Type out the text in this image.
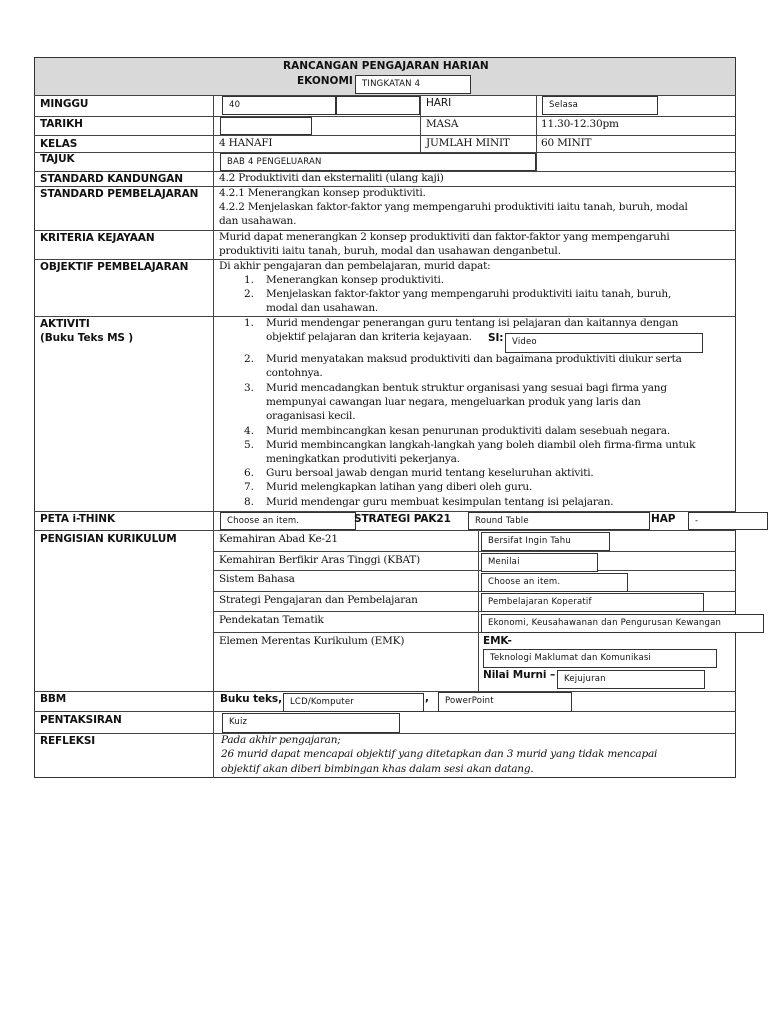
RANCANGAN PENGAJARAN HARIAN
EKONOMI	TINGKATAN 4
MINGGU	40	HARI	Selasa
TARIKH	MASA	11.30-12.30pm
KELAS	4 HANAFI	JUMLAH MINIT	60 MINIT
TAJUK	BAB 4 PENGELUARAN
STANDARD KANDUNGAN	4.2 Produktiviti dan eksternaliti (ulang kaji)
STANDARD PEMBELAJARAN 4.2.1 Menerangkan konsep produktiviti.
4.2.2 Menjelaskan faktor-faktor yang mempengaruhi produktiviti iaitu tanah, buruh, modal
dan usahawan.
KRITERIA KEJAYAAN	Murid dapat menerangkan 2 konsep produktiviti dan faktor-faktor yang mempengaruhi
produktiviti iaitu tanah, buruh, modal dan usahawan denganbetul.
OBJEKTIF PEMBELAJARAN	Di akhir pengajaran dan pembelajaran, murid dapat:
1. Menerangkan konsep produktiviti.
2. Menjelaskan faktor-faktor yang mempengaruhi produktiviti iaitu tanah, buruh,
modal dan usahawan.
AKTIVITI
(Buku Teks MS )
1. Murid mendengar penerangan guru tentang isi pelajaran dan kaitannya dengan
objektif pelajaran dan kriteria kejayaan. SI:	Video
2. Murid menyatakan maksud produktiviti dan bagaimana produktiviti diukur serta
contohnya.
3. Murid mencadangkan bentuk struktur organisasi yang sesuai bagi firma yang
mempunyai cawangan luar negara, mengeluarkan produk yang laris dan
oraganisasi kecil.
4. Murid membincangkan kesan penurunan produktiviti dalam sesebuah negara.
5. Murid membincangkan langkah-langkah yang boleh diambil oleh firma-firma untuk
meningkatkan produtiviti pekerjanya.
6. Guru bersoal jawab dengan murid tentang keseluruhan aktiviti.
7. Murid melengkapkan latihan yang diberi oleh guru.
8. Murid mendengar guru membuat kesimpulan tentang isi pelajaran.
PETA i-THINK	Choose an item.	STRATEGI PAK21	Round Table	HAP	-
PENGISIAN KURIKULUM	Kemahiran Abad Ke-21	Bersifat Ingin Tahu
Kemahiran Berfikir Aras Tinggi (KBAT)	Menilai
Sistem Bahasa	Choose an item.
Strategi Pengajaran dan Pembelajaran	Pembelajaran Koperatif
Pendekatan Tematik	Ekonomi, Keusahawanan dan Pengurusan Kewangan
Elemen Merentas Kurikulum (EMK)	EMK-
Teknologi Maklumat dan Komunikasi
Nilai Murni –	Kejujuran
BBM	Buku teks, LCD/Komputer	,	PowerPoint
PENTAKSIRAN	Kuiz
REFLEKSI	Pada akhir pengajaran;
26 murid dapat mencapai objektif yang ditetapkan dan 3 murid yang tidak mencapai
objektif akan diberi bimbingan khas dalam sesi akan datang.
